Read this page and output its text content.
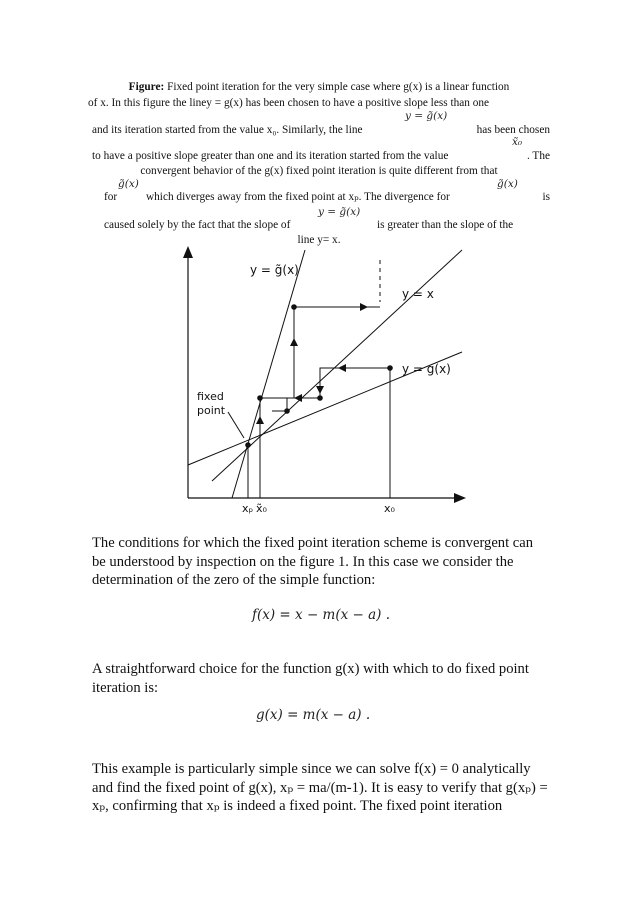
Figure: Fixed point iteration for the very simple case where g(x) is a linear function
of x. In this figure the liney = g(x) has been chosen to have a positive slope less than one
y = g̃(x)
and its iteration started from the value x₀. Similarly, the line	has been chosen
x̃₀
to have a positive slope greater than one and its iteration started from the value	. The
convergent behavior of the g(x) fixed point iteration is quite different from that
g̃(x)	g̃(x)
for	which diverges away from the fixed point at xₚ. The divergence for	is
y = g̃(x)
caused solely by the fact that the slope of	is greater than the slope of the
line y= x.
y = g̃(x)
y = x
y = g(x)
fixed
point
xₚ x̃₀	x₀
The conditions for which the fixed point iteration scheme is convergent can be understood by inspection on the figure 1. In this case we consider the determination of the zero of the simple function:
f(x) = x − m(x − a) .
A straightforward choice for the function g(x) with which to do fixed point iteration is:
g(x) = m(x − a) .
This example is particularly simple since we can solve f(x) = 0 analytically and find the fixed point of g(x), xₚ = ma/(m-1). It is easy to verify that g(xₚ) = xₚ, confirming that xₚ is indeed a fixed point. The fixed point iteration
